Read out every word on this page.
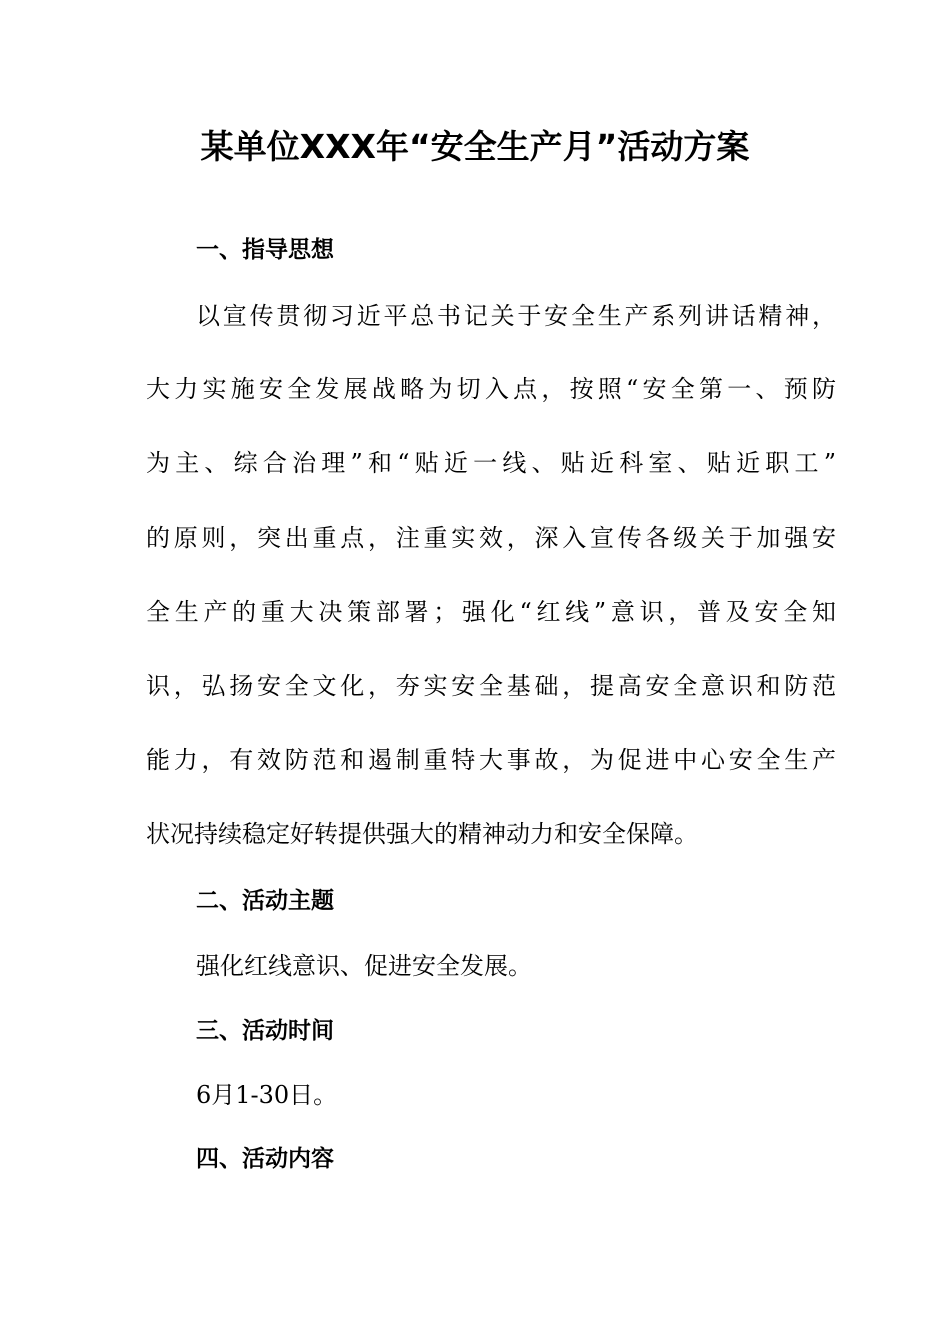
某单位XXX年“安全生产月”活动方案

一、指导思想

以宣传贯彻习近平总书记关于安全生产系列讲话精神，

大力实施安全发展战略为切入点，按照“安全第一、预防

为主、综合治理”和“贴近一线、贴近科室、贴近职工”

的原则，突出重点，注重实效，深入宣传各级关于加强安

全生产的重大决策部署；强化“红线”意识，普及安全知

识，弘扬安全文化，夯实安全基础，提高安全意识和防范

能力，有效防范和遏制重特大事故，为促进中心安全生产

状况持续稳定好转提供强大的精神动力和安全保障。

二、活动主题

强化红线意识、促进安全发展。

三、活动时间

6月1-30日。

四、活动内容
